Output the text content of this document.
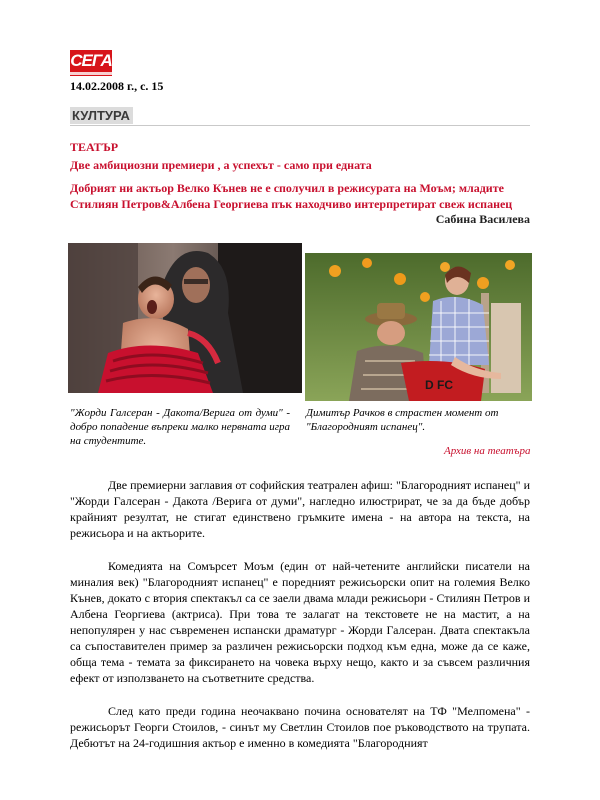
СЕГА
14.02.2008 г., с. 15
КУЛТУРА
ТЕАТЪР
Две амбициозни премиери , а успехът - само при едната
Добрият ни актьор Велко Кънев не е сполучил в режисурата на Моъм; младите Стилиян Петров&Албена Георгиева пък находчиво интерпретират свеж испанец
Сабина Василева
D FC
"Жорди Галсеран - Дакота/Верига от думи" - добро попадение въпреки малко нервната игра на студентите.
Димитър Рачков в страстен момент от "Благородният испанец".
Архив на театъра

Две премиерни заглавия от софийския театрален афиш: "Благородният испанец" и "Жорди Галсеран - Дакота /Верига от думи", нагледно илюстрират, че за да бъде добър крайният резултат, не стигат единствено гръмките имена - на автора на текста, на режисьора и на актьорите.

Комедията на Сомърсет Моъм (един от най-четените английски писатели на миналия век) "Благородният испанец" е поредният режисьорски опит на големия Велко Кънев, докато с втория спектакъл са се заели двама млади режисьори - Стилиян Петров и Албена Георгиева (актриса). При това те залагат на текстовете не на мастит, а на непопулярен у нас съвременен испански драматург - Жорди Галсеран. Двата спектакъла са съпоставителен пример за различен режисьорски подход към една, може да се каже, обща тема - темата за фиксирането на човека върху нещо, както и за съвсем различния ефект от използването на съответните средства.

След като преди година неочаквано почина основателят на ТФ "Мелпомена" - режисьорът Георги Стоилов, - синът му Светлин Стоилов пое ръководството на трупата. Дебютът на 24-годишния актьор е именно в комедията "Благородният
